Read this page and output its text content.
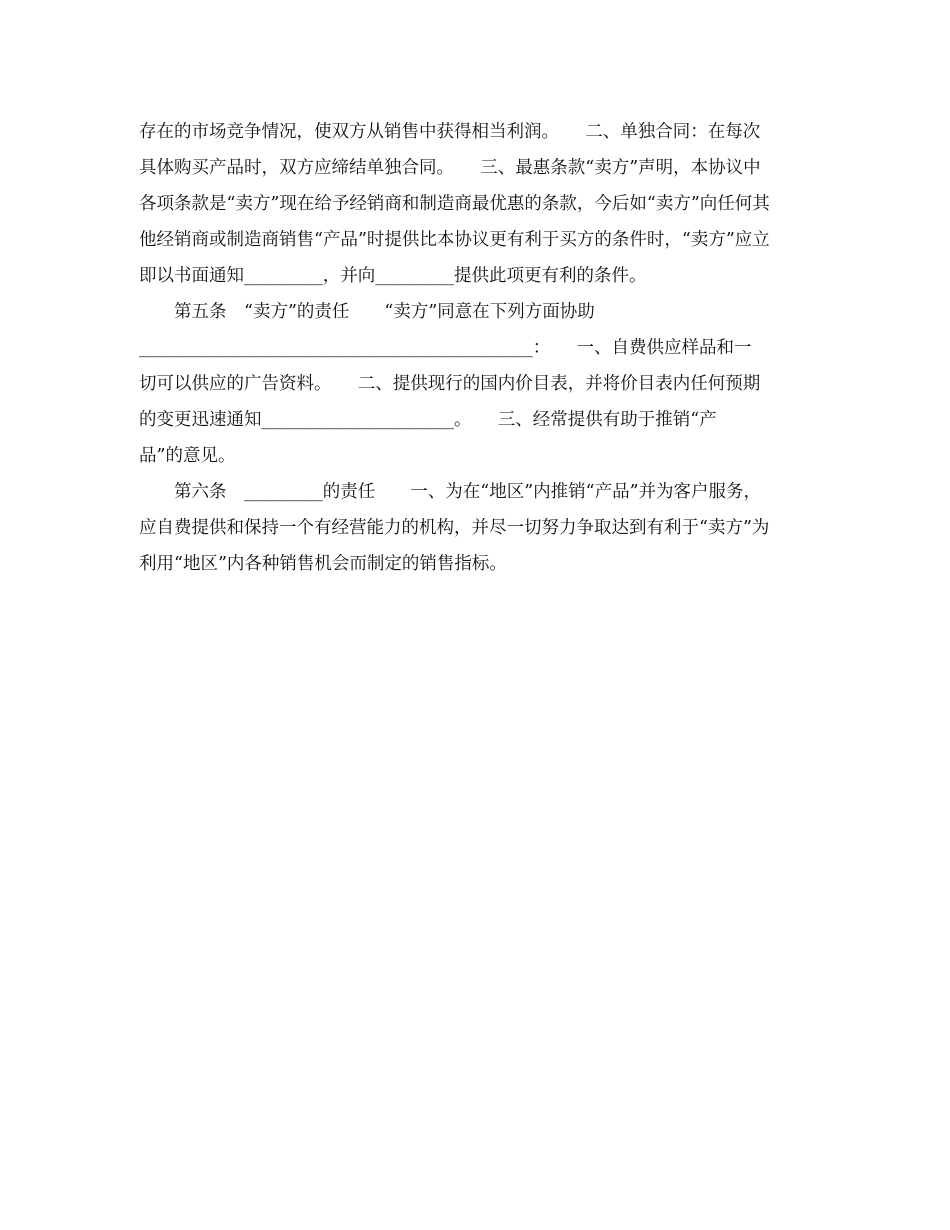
存在的市场竞争情况，使双方从销售中获得相当利润。　　二、单独合同：在每次
具体购买产品时，双方应缔结单独合同。　　三、最惠条款“卖方”声明，本协议中
各项条款是“卖方”现在给予经销商和制造商最优惠的条款，今后如“卖方”向任何其
他经销商或制造商销售“产品”时提供比本协议更有利于买方的条件时，“卖方”应立
即以书面通知_________，并向_________提供此项更有利的条件。
　　第五条　“卖方”的责任　　“卖方”同意在下列方面协助
_____________________________________________：　　一、自费供应样品和一
切可以供应的广告资料。　　二、提供现行的国内价目表，并将价目表内任何预期
的变更迅速通知______________________。　　三、经常提供有助于推销“产
品”的意见。
　　第六条　_________的责任　　一、为在“地区”内推销“产品”并为客户服务，
应自费提供和保持一个有经营能力的机构，并尽一切努力争取达到有利于“卖方”为
利用“地区”内各种销售机会而制定的销售指标。
